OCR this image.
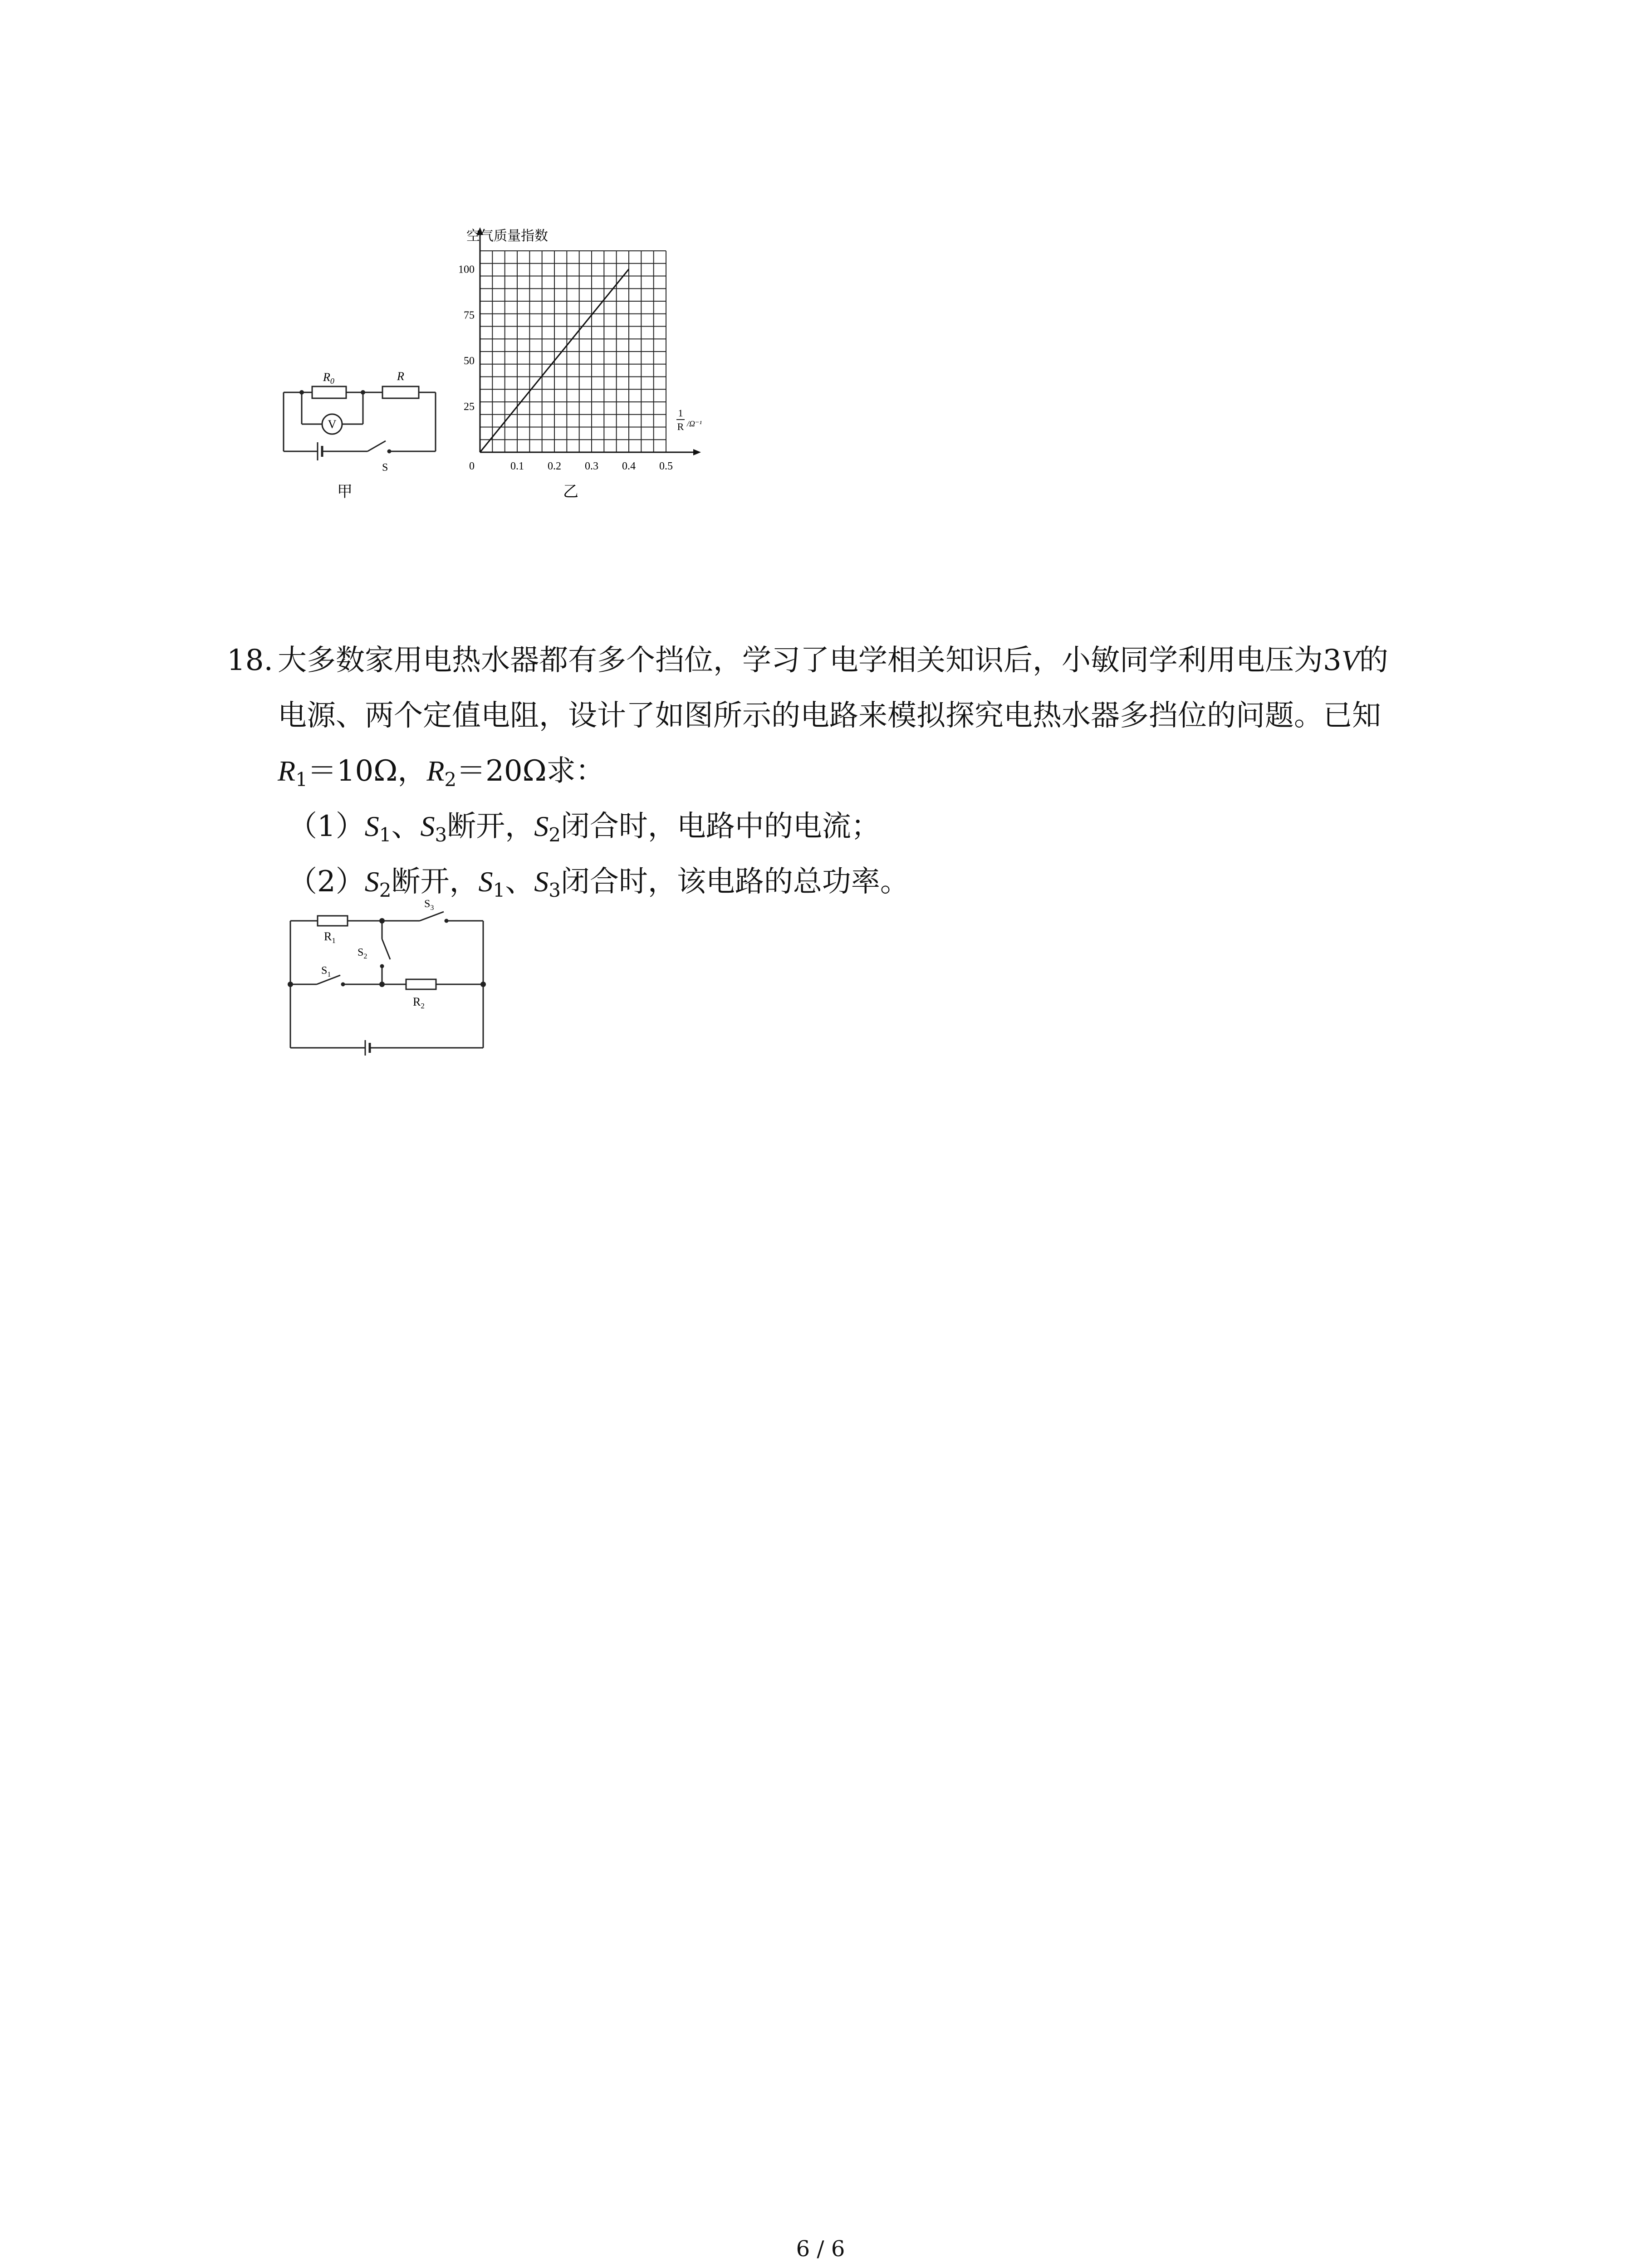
$R_0$	R
V
S
甲
0	0.1 0.2 0.3 0.4 0.5
25
50
75
100
空气质量指数
1
R /Ω⁻¹
乙
18. 大多数家用电热水器都有多个挡位，学习了电学相关知识后，小敏同学利用电压为3V的
电源、两个定值电阻，设计了如图所示的电路来模拟探究电热水器多挡位的问题。已知
$R_1=10\Omega$，$R_2=20\Omega$求：
$(1)S_1$、$S_3$断开，$S_2$闭合时，电路中的电流；
$(2)S_2$断开，$S_1$、$S_3$闭合时，该电路的总功率。
$R_1$
$R_2$
$S_1$
$S_2$
$S_3$
6 / 6
